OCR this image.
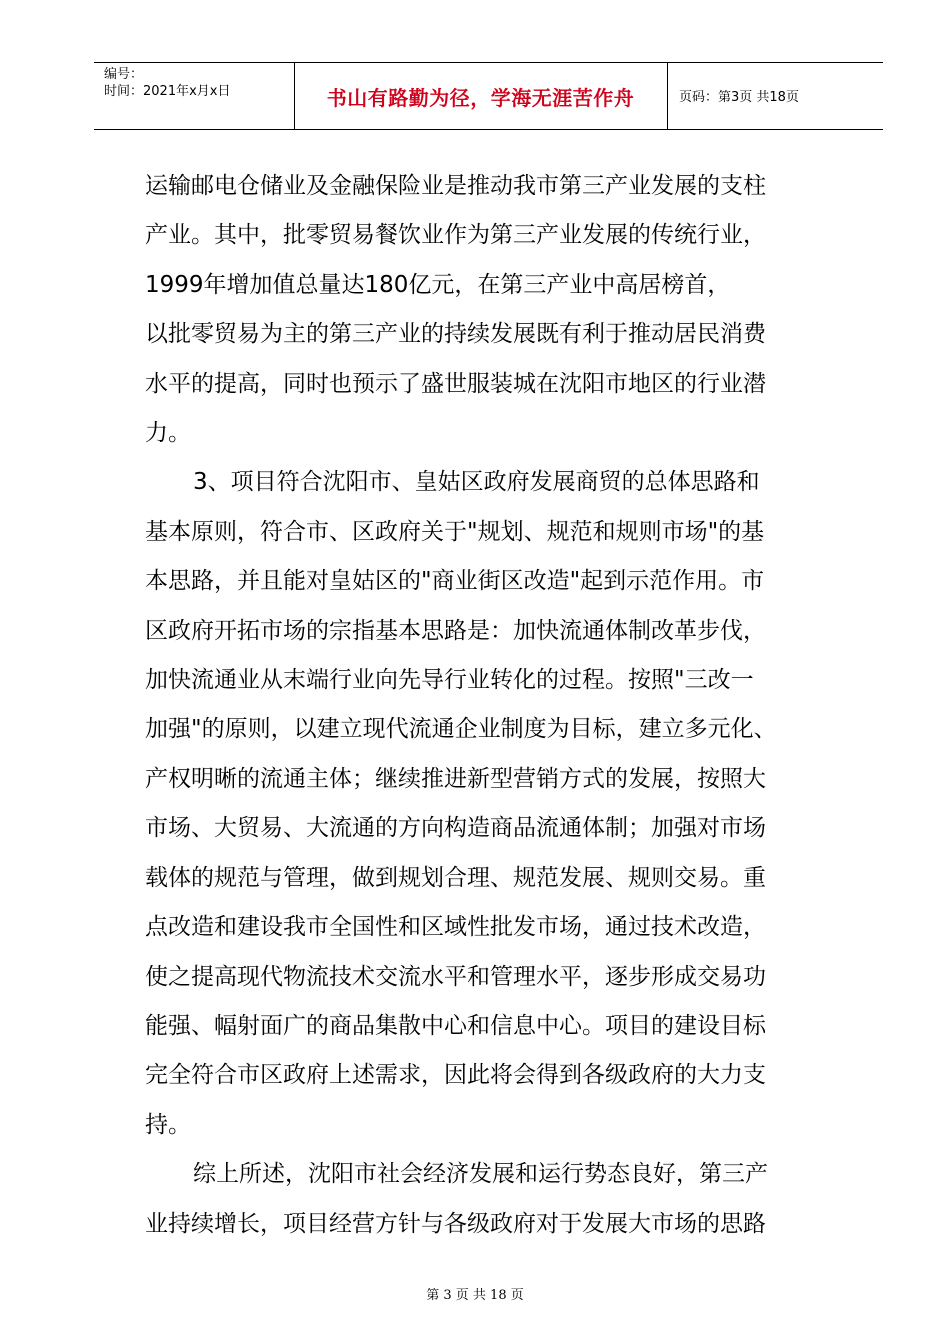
编号：
时间：2021年x月x日	书山有路勤为径，学海无涯苦作舟	页码：第3页 共18页

运输邮电仓储业及金融保险业是推动我市第三产业发展的支柱
产业。其中，批零贸易餐饮业作为第三产业发展的传统行业，
1999年增加值总量达180亿元，在第三产业中高居榜首，
以批零贸易为主的第三产业的持续发展既有利于推动居民消费
水平的提高，同时也预示了盛世服装城在沈阳市地区的行业潜
力。

3、项目符合沈阳市、皇姑区政府发展商贸的总体思路和
基本原则，符合市、区政府关于"规划、规范和规则市场"的基
本思路，并且能对皇姑区的"商业街区改造"起到示范作用。市
区政府开拓市场的宗指基本思路是：加快流通体制改革步伐，
加快流通业从末端行业向先导行业转化的过程。按照"三改一
加强"的原则，以建立现代流通企业制度为目标，建立多元化、
产权明晰的流通主体；继续推进新型营销方式的发展，按照大
市场、大贸易、大流通的方向构造商品流通体制；加强对市场
载体的规范与管理，做到规划合理、规范发展、规则交易。重
点改造和建设我市全国性和区域性批发市场，通过技术改造，
使之提高现代物流技术交流水平和管理水平，逐步形成交易功
能强、幅射面广的商品集散中心和信息中心。项目的建设目标
完全符合市区政府上述需求，因此将会得到各级政府的大力支
持。

综上所述，沈阳市社会经济发展和运行势态良好，第三产
业持续增长，项目经营方针与各级政府对于发展大市场的思路

第 3 页 共 18 页
